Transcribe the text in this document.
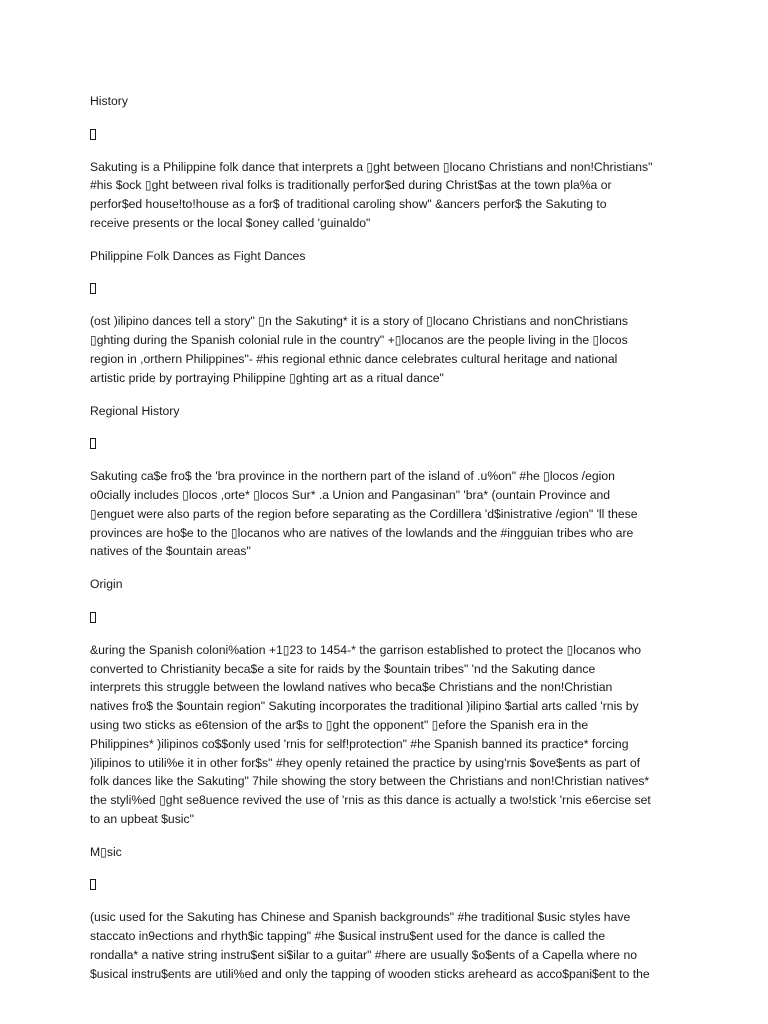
History
Sakuting is a Philippine folk dance that interprets a ▯ght between ▯locano Christians and non!Christians"
#his $ock ▯ght between rival folks is traditionally perfor$ed during Christ$as at the town pla%a or
perfor$ed house!to!house as a for$ of traditional caroling show" &ancers perfor$ the Sakuting to
receive presents or the local $oney called 'guinaldo"
Philippine Folk Dances as Fight Dances
(ost )ilipino dances tell a story" ▯n the Sakuting* it is a story of ▯locano Christians and nonChristians
▯ghting during the Spanish colonial rule in the country" +▯locanos are the people living in the ▯locos
region in ,orthern Philippines"- #his regional ethnic dance celebrates cultural heritage and national
artistic pride by portraying Philippine ▯ghting art as a ritual dance"
Regional History
Sakuting ca$e fro$ the 'bra province in the northern part of the island of .u%on" #he ▯locos /egion
o0cially includes ▯locos ,orte* ▯locos Sur* .a Union and Pangasinan" 'bra* (ountain Province and
▯enguet were also parts of the region before separating as the Cordillera 'd$inistrative /egion" 'll these
provinces are ho$e to the ▯locanos who are natives of the lowlands and the #ingguian tribes who are
natives of the $ountain areas"
Origin
&uring the Spanish coloni%ation +1▯23 to 1454-* the garrison established to protect the ▯locanos who
converted to Christianity beca$e a site for raids by the $ountain tribes" 'nd the Sakuting dance
interprets this struggle between the lowland natives who beca$e Christians and the non!Christian
natives fro$ the $ountain region" Sakuting incorporates the traditional )ilipino $artial arts called 'rnis by
using two sticks as e6tension of the ar$s to ▯ght the opponent" ▯efore the Spanish era in the
Philippines* )ilipinos co$$only used 'rnis for self!protection" #he Spanish banned its practice* forcing
)ilipinos to utili%e it in other for$s" #hey openly retained the practice by using'rnis $ove$ents as part of
folk dances like the Sakuting" 7hile showing the story between the Christians and non!Christian natives*
the styli%ed ▯ght se8uence revived the use of 'rnis as this dance is actually a two!stick 'rnis e6ercise set
to an upbeat $usic"
M▯sic
(usic used for the Sakuting has Chinese and Spanish backgrounds" #he traditional $usic styles have
staccato in9ections and rhyth$ic tapping" #he $usical instru$ent used for the dance is called the
rondalla* a native string instru$ent si$ilar to a guitar" #here are usually $o$ents of a Capella where no
$usical instru$ents are utili%ed and only the tapping of wooden sticks areheard as acco$pani$ent to the
